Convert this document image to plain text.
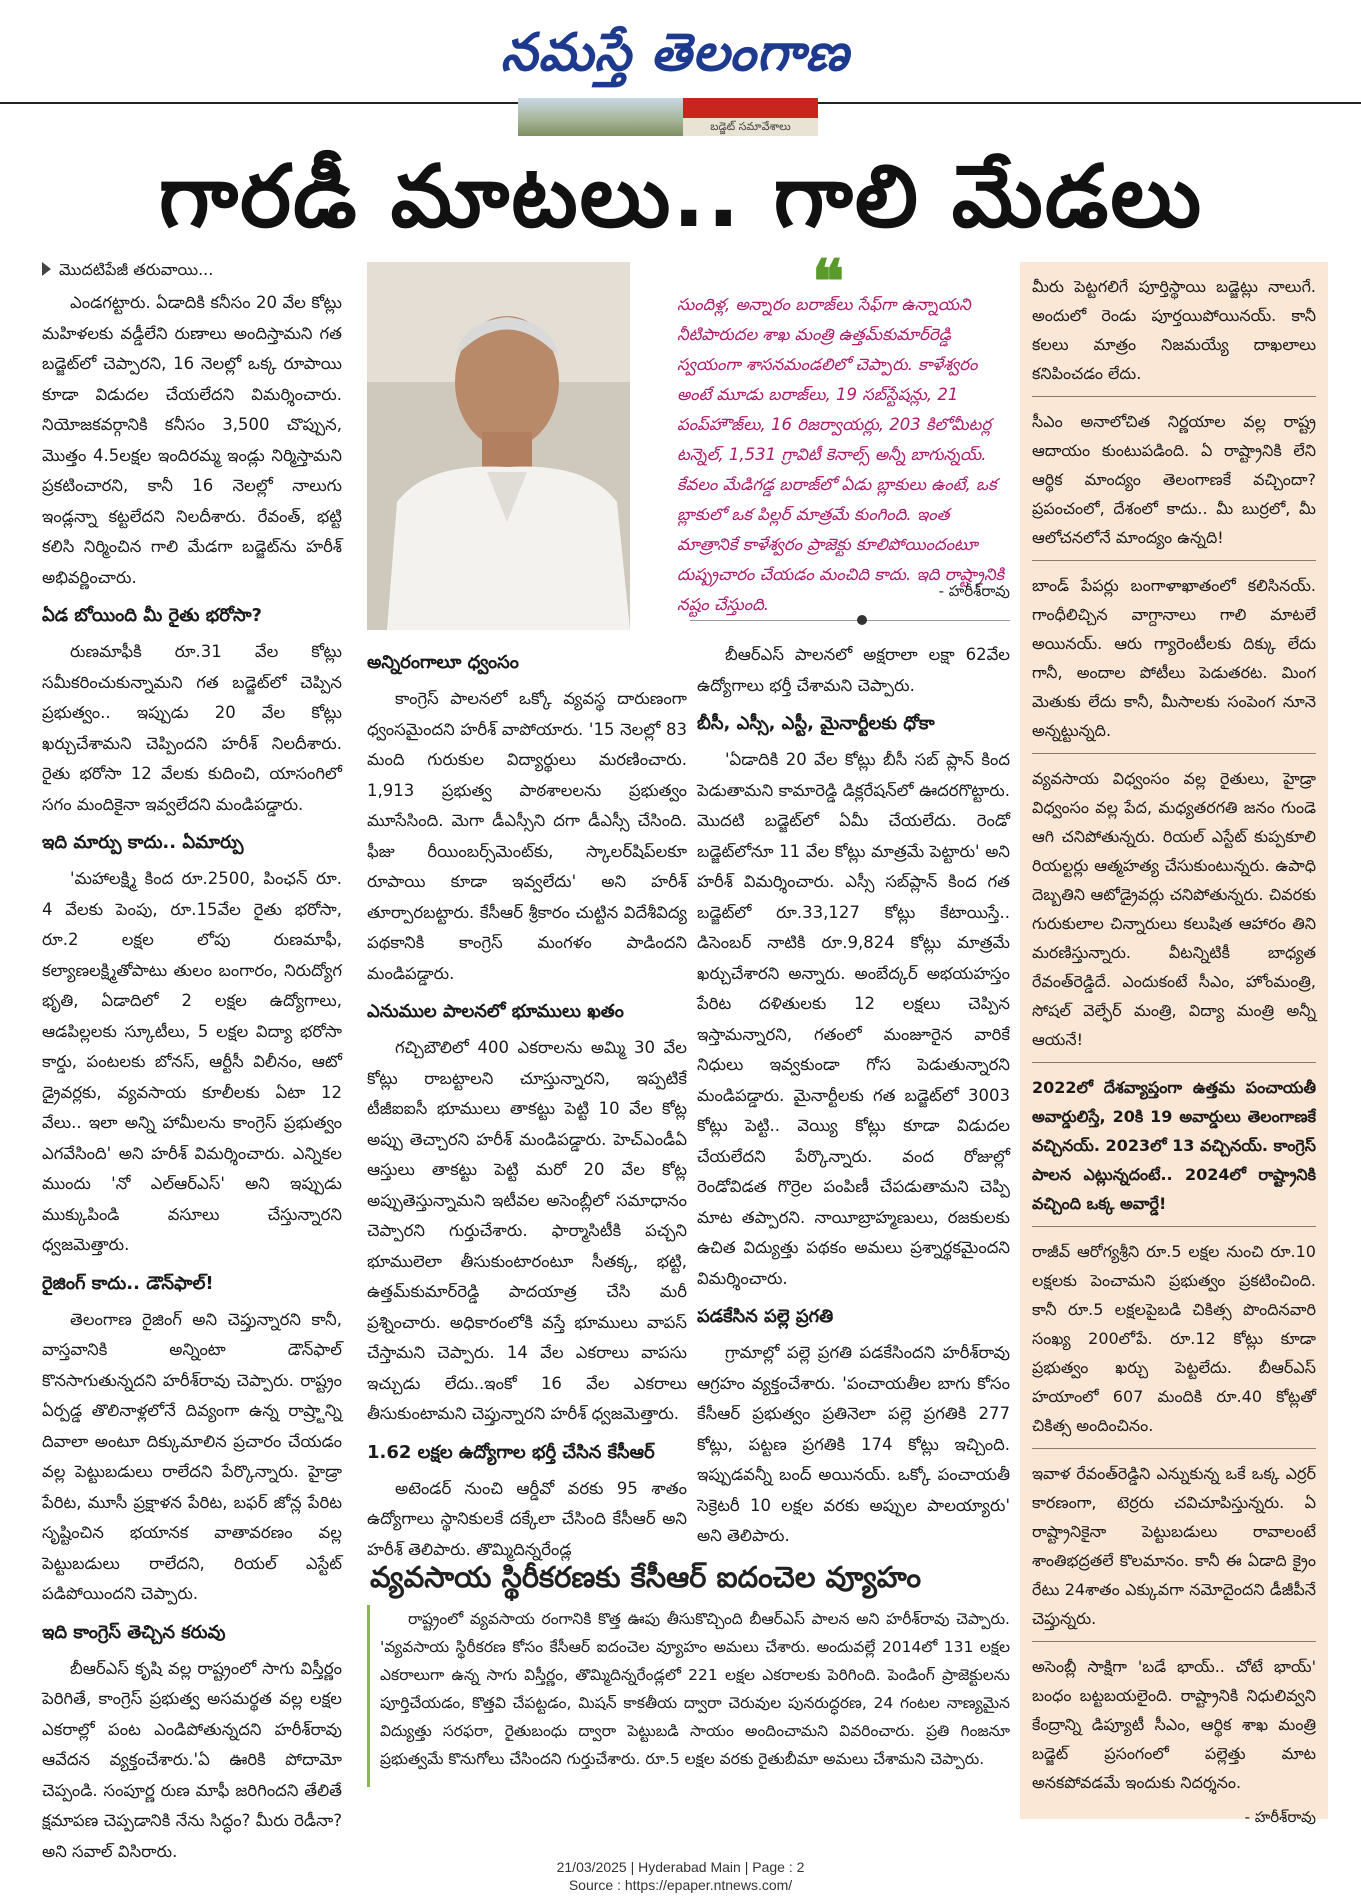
నమస్తే తెలంగాణ
బడ్జెట్ సమావేశాలు
గారడీ మాటలు.. గాలి మేడలు
మొదటిపేజీ తరువాయి...

ఎండగట్టారు. ఏడాదికి కనీసం 20 వేల కోట్లు మహిళలకు వడ్డీలేని రుణాలు అందిస్తామని గత బడ్జెట్‌లో చెప్పారని, 16 నెలల్లో ఒక్క రూపాయి కూడా విడుదల చేయలేదని విమర్శించారు. నియోజకవర్గానికి కనీసం 3,500 చొప్పున, మొత్తం 4.5లక్షల ఇందిరమ్మ ఇండ్లు నిర్మిస్తామని ప్రకటించారని, కానీ 16 నెలల్లో నాలుగు ఇండ్లన్నా కట్టలేదని నిలదీశారు. రేవంత్, భట్టి కలిసి నిర్మించిన గాలి మేడగా బడ్జెట్‌ను హరీశ్ అభివర్ణించారు.

ఏడ బోయింది మీ రైతు భరోసా?

రుణమాఫీకి రూ.31 వేల కోట్లు సమీకరించుకున్నామని గత బడ్జెట్‌లో చెప్పిన ప్రభుత్వం.. ఇప్పుడు 20 వేల కోట్లు ఖర్చుచేశామని చెప్పిందని హరీశ్ నిలదీశారు. రైతు భరోసా 12 వేలకు కుదించి, యాసంగిలో సగం మందికైనా ఇవ్వలేదని మండిపడ్డారు.

ఇది మార్పు కాదు.. ఏమార్పు

'మహాలక్ష్మి కింద రూ.2500, పింఛన్ రూ. 4 వేలకు పెంపు, రూ.15వేల రైతు భరోసా, రూ.2 లక్షల లోపు రుణమాఫీ, కల్యాణలక్ష్మితోపాటు తులం బంగారం, నిరుద్యోగ భృతి, ఏడాదిలో 2 లక్షల ఉద్యోగాలు, ఆడపిల్లలకు స్కూటీలు, 5 లక్షల విద్యా భరోసా కార్డు, పంటలకు బోనస్, ఆర్టీసీ విలీనం, ఆటో డ్రైవర్లకు, వ్యవసాయ కూలీలకు ఏటా 12 వేలు.. ఇలా అన్ని హామీలను కాంగ్రెస్ ప్రభుత్వం ఎగవేసింది' అని హరీశ్ విమర్శించారు. ఎన్నికల ముందు 'నో ఎల్‌ఆర్‌ఎస్' అని ఇప్పుడు ముక్కుపిండి వసూలు చేస్తున్నారని ధ్వజమెత్తారు.

రైజింగ్ కాదు.. డౌన్‌ఫాల్!

తెలంగాణ రైజింగ్ అని చెప్తున్నారని కానీ, వాస్తవానికి అన్నింటా డౌన్‌ఫాల్ కొనసాగుతున్నదని హరీశ్‌రావు చెప్పారు. రాష్ట్రం ఏర్పడ్డ తొలినాళ్లలోనే దివ్యంగా ఉన్న రాష్ర్టాన్ని దివాలా అంటూ దిక్కుమాలిన ప్రచారం చేయడం వల్ల పెట్టుబడులు రాలేదని పేర్కొన్నారు. హైడ్రా పేరిట, మూసీ ప్రక్షాళన పేరిట, బఫర్ జోన్ల పేరిట సృష్టించిన భయానక వాతావరణం వల్ల పెట్టుబడులు రాలేదని, రియల్ ఎస్టేట్ పడిపోయిందని చెప్పారు.

ఇది కాంగ్రెస్ తెచ్చిన కరువు

బీఆర్‌ఎస్ కృషి వల్ల రాష్ట్రంలో సాగు విస్తీర్ణం పెరిగితే, కాంగ్రెస్ ప్రభుత్వ అసమర్థత వల్ల లక్షల ఎకరాల్లో పంట ఎండిపోతున్నదని హరీశ్‌రావు ఆవేదన వ్యక్తంచేశారు.'ఏ ఊరికి పోదామో చెప్పండి. సంపూర్ణ రుణ మాఫీ జరిగిందని తేలితే క్షమాపణ చెప్పడానికి నేను సిద్ధం? మీరు రెడీనా? అని సవాల్ విసిరారు.

❝
సుందిళ్ల, అన్నారం బరాజ్‌లు సేఫ్‌గా ఉన్నాయని నీటిపారుదల శాఖ మంత్రి ఉత్తమ్‌కుమార్‌రెడ్డి స్వయంగా శాసనమండలిలో చెప్పారు. కాళేశ్వరం అంటే మూడు బరాజ్‌లు, 19 సబ్‌స్టేషన్లు, 21 పంప్‌హౌజ్‌లు, 16 రిజర్వాయర్లు, 203 కిలోమీటర్ల టన్నెల్, 1,531 గ్రావిటీ కెనాల్స్ అన్నీ బాగున్నయ్. కేవలం మేడిగడ్డ బరాజ్‌లో ఏడు బ్లాకులు ఉంటే, ఒక బ్లాకులో ఒక పిల్లర్ మాత్రమే కుంగింది. ఇంత మాత్రానికే కాళేశ్వరం ప్రాజెక్టు కూలిపోయిందంటూ దుష్ప్రచారం చేయడం మంచిది కాదు. ఇది రాష్ట్రానికి నష్టం చేస్తుంది.
- హరీశ్‌రావు
అన్నిరంగాలూ ధ్వంసం

కాంగ్రెస్ పాలనలో ఒక్కో వ్యవస్థ దారుణంగా ధ్వంసమైందని హరీశ్ వాపోయారు. '15 నెలల్లో 83 మంది గురుకుల విద్యార్థులు మరణించారు. 1,913 ప్రభుత్వ పాఠశాలలను ప్రభుత్వం మూసేసింది. మెగా డీఎస్సీని దగా డీఎస్సీ చేసింది. ఫీజు రీయింబర్స్‌మెంట్‌కు, స్కాలర్‌షిప్‌లకూ రూపాయి కూడా ఇవ్వలేదు' అని హరీశ్ తూర్పారబట్టారు. కేసీఆర్ శ్రీకారం చుట్టిన విదేశీవిద్య పథకానికి కాంగ్రెస్ మంగళం పాడిందని మండిపడ్డారు.

ఎనుముల పాలనలో భూములు ఖతం

గచ్చిబౌలిలో 400 ఎకరాలను అమ్మి 30 వేల కోట్లు రాబట్టాలని చూస్తున్నారని, ఇప్పటికే టీజీఐఐసీ భూములు తాకట్టు పెట్టి 10 వేల కోట్ల అప్పు తెచ్చారని హరీశ్ మండిపడ్డారు. హెచ్‌ఎండీఏ ఆస్తులు తాకట్టు పెట్టి మరో 20 వేల కోట్ల అప్పుతెస్తున్నామని ఇటీవల అసెంబ్లీలో సమాధానం చెప్పారని గుర్తుచేశారు. ఫార్మాసిటీకి పచ్చని భూములెలా తీసుకుంటారంటూ సీతక్క, భట్టి, ఉత్తమ్‌కుమార్‌రెడ్డి పాదయాత్ర చేసి మరీ ప్రశ్నించారు. అధికారంలోకి వస్తే భూములు వాపస్ చేస్తామని చెప్పారు. 14 వేల ఎకరాలు వాపసు ఇచ్చుడు లేదు..ఇంకో 16 వేల ఎకరాలు తీసుకుంటామని చెప్తున్నారని హరీశ్ ధ్వజమెత్తారు.

1.62 లక్షల ఉద్యోగాల భర్తీ చేసిన కేసీఆర్

అటెండర్ నుంచి ఆర్డీవో వరకు 95 శాతం ఉద్యోగాలు స్థానికులకే దక్కేలా చేసింది కేసీఆర్ అని హరీశ్ తెలిపారు. తొమ్మిదిన్నరేండ్ల

బీఆర్‌ఎస్ పాలనలో అక్షరాలా లక్షా 62వేల ఉద్యోగాలు భర్తీ చేశామని చెప్పారు.

బీసీ, ఎస్సీ, ఎస్టీ, మైనార్టీలకు ధోకా

'ఏడాదికి 20 వేల కోట్లు బీసీ సబ్ ప్లాన్ కింద పెడుతామని కామారెడ్డి డిక్లరేషన్‌లో ఊదరగొట్టారు. మొదటి బడ్జెట్‌లో ఏమీ చేయలేదు. రెండో బడ్జెట్‌లోనూ 11 వేల కోట్లు మాత్రమే పెట్టారు' అని హరీశ్ విమర్శించారు. ఎస్సీ సబ్‌ప్లాన్ కింద గత బడ్జెట్‌లో రూ.33,127 కోట్లు కేటాయిస్తే.. డిసెంబర్ నాటికి రూ.9,824 కోట్లు మాత్రమే ఖర్చుచేశారని అన్నారు. అంబేద్కర్ అభయహస్తం పేరిట దళితులకు 12 లక్షలు చెప్పిన ఇస్తామన్నారని, గతంలో మంజూరైన వారికే నిధులు ఇవ్వకుండా గోస పెడుతున్నారని మండిపడ్డారు. మైనార్టీలకు గత బడ్జెట్‌లో 3003 కోట్లు పెట్టి.. వెయ్యి కోట్లు కూడా విడుదల చేయలేదని పేర్కొన్నారు. వంద రోజుల్లో రెండోవిడత గొర్రెల పంపిణీ చేపడుతామని చెప్పి మాట తప్పారని. నాయీబ్రాహ్మణులు, రజకులకు ఉచిత విద్యుత్తు పథకం అమలు ప్రశ్నార్థకమైందని విమర్శించారు.

పడకేసిన పల్లె ప్రగతి

గ్రామాల్లో పల్లె ప్రగతి పడకేసిందని హరీశ్‌రావు ఆగ్రహం వ్యక్తంచేశారు. 'పంచాయతీల బాగు కోసం కేసీఆర్ ప్రభుత్వం ప్రతినెలా పల్లె ప్రగతికి 277 కోట్లు, పట్టణ ప్రగతికి 174 కోట్లు ఇచ్చింది. ఇప్పుడవన్నీ బంద్ అయినయ్. ఒక్కో పంచాయతీ సెక్రెటరీ 10 లక్షల వరకు అప్పుల పాలయ్యారు' అని తెలిపారు.

వ్యవసాయ స్థిరీకరణకు కేసీఆర్ ఐదంచెల వ్యూహం

రాష్ట్రంలో వ్యవసాయ రంగానికి కొత్త ఊపు తీసుకొచ్చింది బీఆర్‌ఎస్ పాలన అని హరీశ్‌రావు చెప్పారు. 'వ్యవసాయ స్థిరీకరణ కోసం కేసీఆర్ ఐదంచెల వ్యూహం అమలు చేశారు. అందువల్లే 2014లో 131 లక్షల ఎకరాలుగా ఉన్న సాగు విస్తీర్ణం, తొమ్మిదిన్నరేండ్లలో 221 లక్షల ఎకరాలకు పెరిగింది. పెండింగ్ ప్రాజెక్టులను పూర్తిచేయడం, కొత్తవి చేపట్టడం, మిషన్ కాకతీయ ద్వారా చెరువుల పునరుద్ధరణ, 24 గంటల నాణ్యమైన విద్యుత్తు సరఫరా, రైతుబంధు ద్వారా పెట్టుబడి సాయం అందించామని వివరించారు. ప్రతి గింజనూ ప్రభుత్వమే కొనుగోలు చేసిందని గుర్తుచేశారు. రూ.5 లక్షల వరకు రైతుబీమా అమలు చేశామని చెప్పారు.

మీరు పెట్టగలిగే పూర్తిస్థాయి బడ్జెట్లు నాలుగే. అందులో రెండు పూర్తయిపోయినయ్. కానీ కలలు మాత్రం నిజమయ్యే దాఖలాలు కనిపించడం లేదు.

సీఎం అనాలోచిత నిర్ణయాల వల్ల రాష్ట్ర ఆదాయం కుంటుపడింది. ఏ రాష్ట్రానికి లేని ఆర్థిక మాంద్యం తెలంగాణకే వచ్చిందా? ప్రపంచంలో, దేశంలో కాదు.. మీ బుర్రలో, మీ ఆలోచనలోనే మాంద్యం ఉన్నది!

బాండ్ పేపర్లు బంగాళాఖాతంలో కలిసినయ్. గాంధీలిచ్చిన వాగ్దానాలు గాలి మాటలే అయినయ్. ఆరు గ్యారెంటీలకు దిక్కు లేదు గానీ, అందాల పోటీలు పెడుతరట. మింగ మెతుకు లేదు కానీ, మీసాలకు సంపెంగ నూనె అన్నట్టున్నది.

వ్యవసాయ విధ్వంసం వల్ల రైతులు, హైడ్రా విధ్వంసం వల్ల పేద, మధ్యతరగతి జనం గుండె ఆగి చనిపోతున్నరు. రియల్ ఎస్టేట్ కుప్పకూలి రియల్టర్లు ఆత్మహత్య చేసుకుంటున్నరు. ఉపాధి దెబ్బతిని ఆటోడ్రైవర్లు చనిపోతున్నరు. చివరకు గురుకులాల చిన్నారులు కలుషిత ఆహారం తిని మరణిస్తున్నారు. వీటన్నిటికీ బాధ్యత రేవంత్‌రెడ్డిదే. ఎందుకంటే సీఎం, హోంమంత్రి, సోషల్ వెల్ఫేర్ మంత్రి, విద్యా మంత్రి అన్నీ ఆయనే!

2022లో దేశవ్యాప్తంగా ఉత్తమ పంచాయతీ అవార్డులిస్తే, 20కి 19 అవార్డులు తెలంగాణకే వచ్చినయ్. 2023లో 13 వచ్చినయ్. కాంగ్రెస్ పాలన ఎట్లున్నదంటే.. 2024లో రాష్ట్రానికి వచ్చింది ఒక్క అవార్డే!

రాజీవ్ ఆరోగ్యశ్రీని రూ.5 లక్షల నుంచి రూ.10 లక్షలకు పెంచామని ప్రభుత్వం ప్రకటించింది. కానీ రూ.5 లక్షలపైబడి చికిత్స పొందినవారి సంఖ్య 200లోపే. రూ.12 కోట్లు కూడా ప్రభుత్వం ఖర్చు పెట్టలేదు. బీఆర్‌ఎస్ హయాంలో 607 మందికి రూ.40 కోట్లతో చికిత్స అందించినం.

ఇవాళ రేవంత్‌రెడ్డిని ఎన్నుకున్న ఒకే ఒక్క ఎర్రర్ కారణంగా, టెర్రరు చవిచూపిస్తున్నరు. ఏ రాష్ట్రానికైనా పెట్టుబడులు రావాలంటే శాంతిభద్రతలే కొలమానం. కానీ ఈ ఏడాది క్రైం రేటు 24శాతం ఎక్కువగా నమోదైందని డీజీపీనే చెప్తున్నరు.

అసెంబ్లీ సాక్షిగా 'బడే భాయ్.. చోటే భాయ్' బంధం బట్టబయలైంది. రాష్ట్రానికి నిధులివ్వని కేంద్రాన్ని డిప్యూటీ సీఎం, ఆర్థిక శాఖ మంత్రి బడ్జెట్ ప్రసంగంలో పల్లెత్తు మాట అనకపోవడమే ఇందుకు నిదర్శనం.

- హరీశ్‌రావు
21/03/2025 | Hyderabad Main | Page : 2
Source : https://epaper.ntnews.com/
